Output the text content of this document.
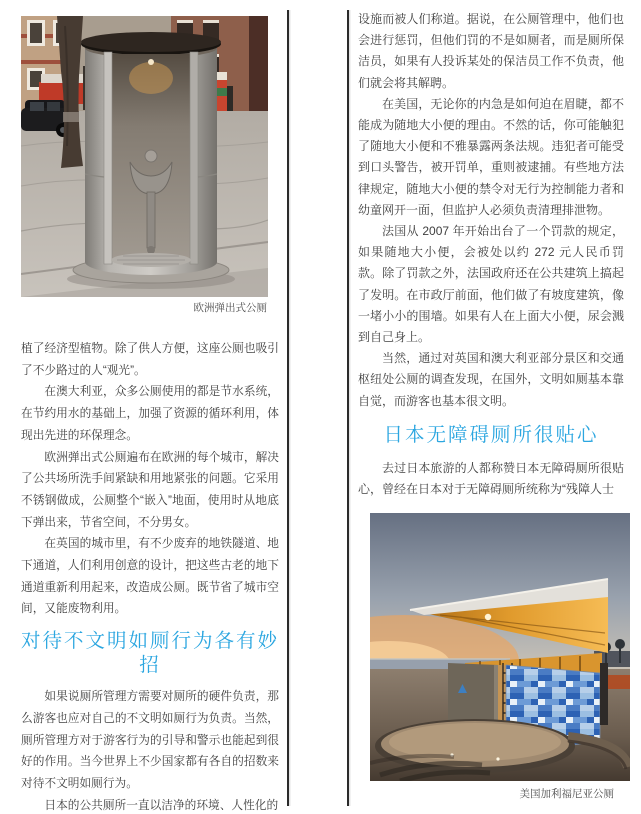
欧洲弹出式公厕

植了经济型植物。除了供人方便，这座公厕也吸引了不少路过的人“观光”。

在澳大利亚，众多公厕使用的都是节水系统，在节约用水的基础上，加强了资源的循环利用，体现出先进的环保理念。

欧洲弹出式公厕遍布在欧洲的每个城市，解决了公共场所洗手间紧缺和用地紧张的问题。它采用不锈钢做成，公厕整个“嵌入”地面，使用时从地底下弹出来，节省空间，不分男女。

在英国的城市里，有不少废弃的地铁隧道、地下通道，人们利用创意的设计，把这些古老的地下通道重新利用起来，改造成公厕。既节省了城市空间，又能废物利用。

对待不文明如厕行为各有妙招

如果说厕所管理方需要对厕所的硬件负责，那么游客也应对自己的不文明如厕行为负责。当然，厕所管理方对于游客行为的引导和警示也能起到很好的作用。当今世界上不少国家都有各自的招数来对待不文明如厕行为。

日本的公共厕所一直以洁净的环境、人性化的

设施而被人们称道。据说，在公厕管理中，他们也会进行惩罚，但他们罚的不是如厕者，而是厕所保洁员，如果有人投诉某处的保洁员工作不负责，他们就会将其解聘。

在美国，无论你的内急是如何迫在眉睫，都不能成为随地大小便的理由。不然的话，你可能触犯了随地大小便和不雅暴露两条法规。违犯者可能受到口头警告，被开罚单，重则被逮捕。有些地方法律规定，随地大小便的禁令对无行为控制能力者和幼童网开一面，但监护人必须负责清理排泄物。

法国从 2007 年开始出台了一个罚款的规定，如果随地大小便，会被处以约 272 元人民币罚款。除了罚款之外，法国政府还在公共建筑上搞起了发明。在市政厅前面，他们做了有坡度建筑，像一堵小小的围墙。如果有人在上面大小便，尿会溅到自己身上。

当然，通过对英国和澳大利亚部分景区和交通枢纽处公厕的调查发现，在国外，文明如厕基本靠自觉，而游客也基本很文明。

日本无障碍厕所很贴心

去过日本旅游的人都称赞日本无障碍厕所很贴心，曾经在日本对于无障碍厕所统称为“残障人士

美国加利福尼亚公厕
